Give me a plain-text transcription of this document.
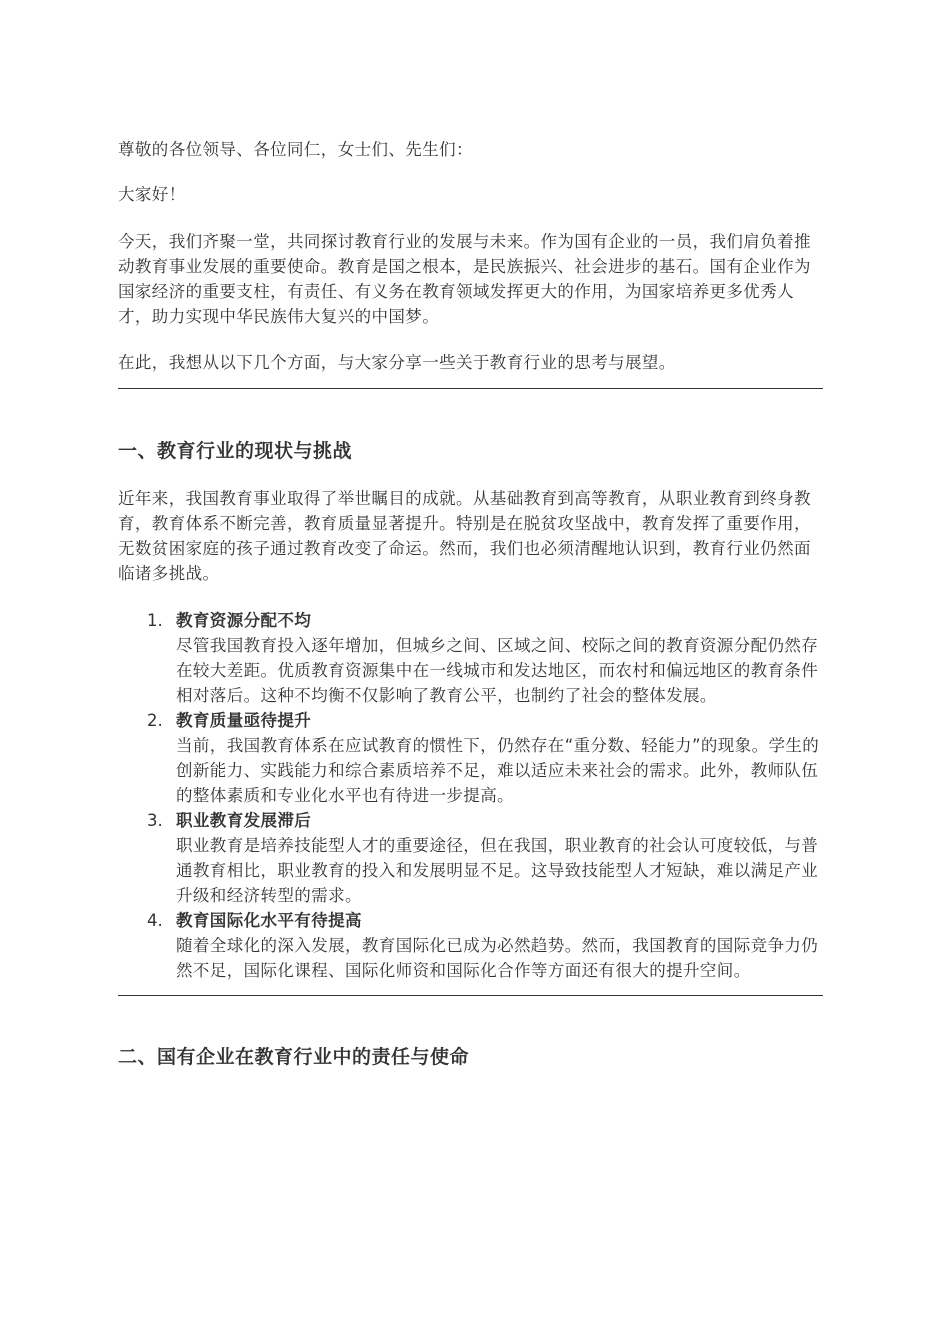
尊敬的各位领导、各位同仁，女士们、先生们：

大家好！

今天，我们齐聚一堂，共同探讨教育行业的发展与未来。作为国有企业的一员，我们肩负着推动教育事业发展的重要使命。教育是国之根本，是民族振兴、社会进步的基石。国有企业作为国家经济的重要支柱，有责任、有义务在教育领域发挥更大的作用，为国家培养更多优秀人才，助力实现中华民族伟大复兴的中国梦。

在此，我想从以下几个方面，与大家分享一些关于教育行业的思考与展望。

一、教育行业的现状与挑战

近年来，我国教育事业取得了举世瞩目的成就。从基础教育到高等教育，从职业教育到终身教育，教育体系不断完善，教育质量显著提升。特别是在脱贫攻坚战中，教育发挥了重要作用，无数贫困家庭的孩子通过教育改变了命运。然而，我们也必须清醒地认识到，教育行业仍然面临诸多挑战。

1. 教育资源分配不均
尽管我国教育投入逐年增加，但城乡之间、区域之间、校际之间的教育资源分配仍然存在较大差距。优质教育资源集中在一线城市和发达地区，而农村和偏远地区的教育条件相对落后。这种不均衡不仅影响了教育公平，也制约了社会的整体发展。
2. 教育质量亟待提升
当前，我国教育体系在应试教育的惯性下，仍然存在“重分数、轻能力”的现象。学生的创新能力、实践能力和综合素质培养不足，难以适应未来社会的需求。此外，教师队伍的整体素质和专业化水平也有待进一步提高。
3. 职业教育发展滞后
职业教育是培养技能型人才的重要途径，但在我国，职业教育的社会认可度较低，与普通教育相比，职业教育的投入和发展明显不足。这导致技能型人才短缺，难以满足产业升级和经济转型的需求。
4. 教育国际化水平有待提高
随着全球化的深入发展，教育国际化已成为必然趋势。然而，我国教育的国际竞争力仍然不足，国际化课程、国际化师资和国际化合作等方面还有很大的提升空间。
二、国有企业在教育行业中的责任与使命
